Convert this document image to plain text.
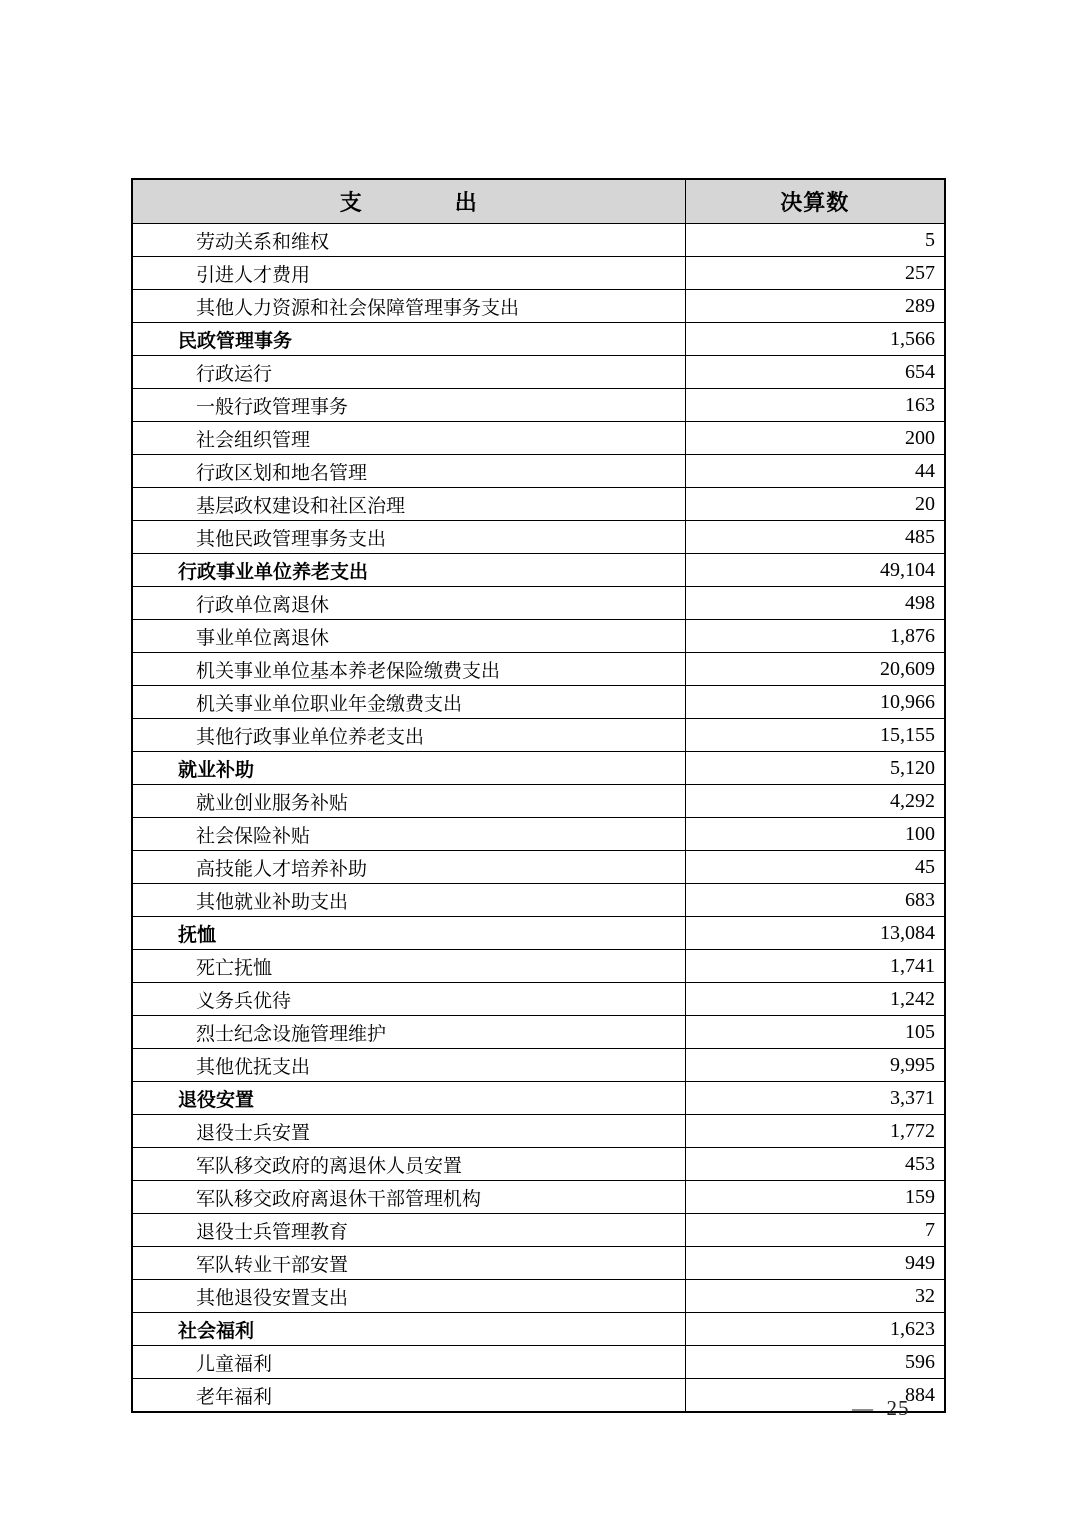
支　　　　出	决算数
劳动关系和维权	5
引进人才费用	257
其他人力资源和社会保障管理事务支出	289
民政管理事务	1,566
行政运行	654
一般行政管理事务	163
社会组织管理	200
行政区划和地名管理	44
基层政权建设和社区治理	20
其他民政管理事务支出	485
行政事业单位养老支出	49,104
行政单位离退休	498
事业单位离退休	1,876
机关事业单位基本养老保险缴费支出	20,609
机关事业单位职业年金缴费支出	10,966
其他行政事业单位养老支出	15,155
就业补助	5,120
就业创业服务补贴	4,292
社会保险补贴	100
高技能人才培养补助	45
其他就业补助支出	683
抚恤	13,084
死亡抚恤	1,741
义务兵优待	1,242
烈士纪念设施管理维护	105
其他优抚支出	9,995
退役安置	3,371
退役士兵安置	1,772
军队移交政府的离退休人员安置	453
军队移交政府离退休干部管理机构	159
退役士兵管理教育	7
军队转业干部安置	949
其他退役安置支出	32
社会福利	1,623
儿童福利	596
老年福利	884
—  25
